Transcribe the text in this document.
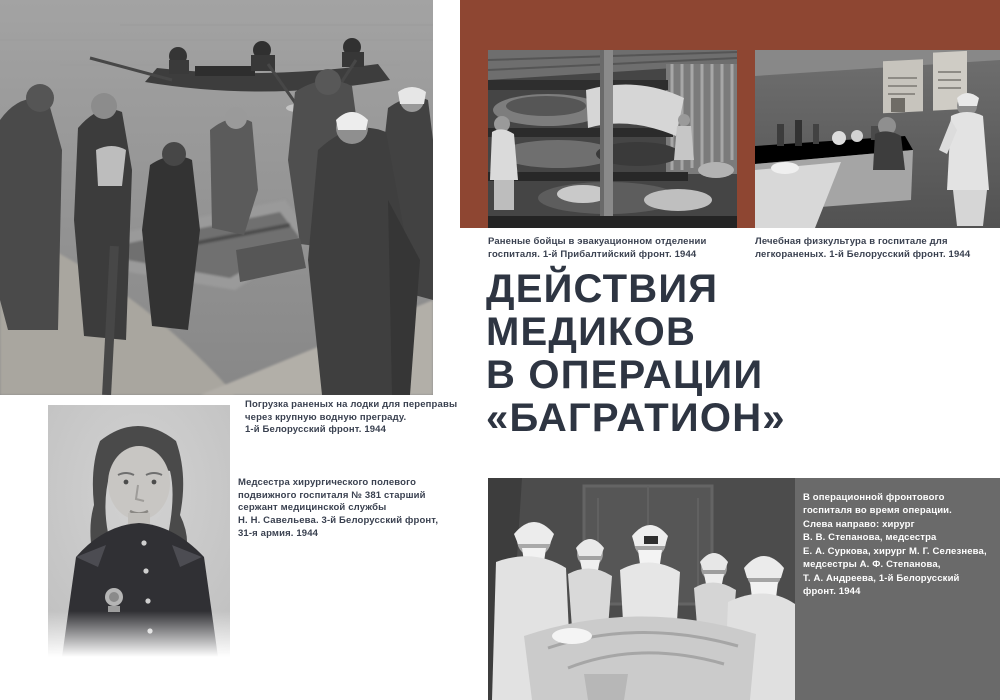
Погрузка раненых на лодки для переправы
через крупную водную преграду.
1-й Белорусский фронт. 1944
Медсестра хирургического полевого
подвижного госпиталя № 381 старший
сержант медицинской службы
Н. Н. Савельева. 3-й Белорусский фронт,
31-я армия. 1944
Раненые бойцы в эвакуационном отделении
госпиталя. 1-й Прибалтийский фронт. 1944
Лечебная физкультура в госпитале для
легкораненых. 1-й Белорусский фронт. 1944
ДЕЙСТВИЯ
МЕДИКОВ
В ОПЕРАЦИИ
«БАГРАТИОН»
В операционной фронтового
госпиталя во время операции.
Слева направо: хирург
В. В. Степанова, медсестра
Е. А. Суркова, хирург М. Г. Селезнева,
медсестры А. Ф. Степанова,
Т. А. Андреева, 1-й Белорусский
фронт. 1944
